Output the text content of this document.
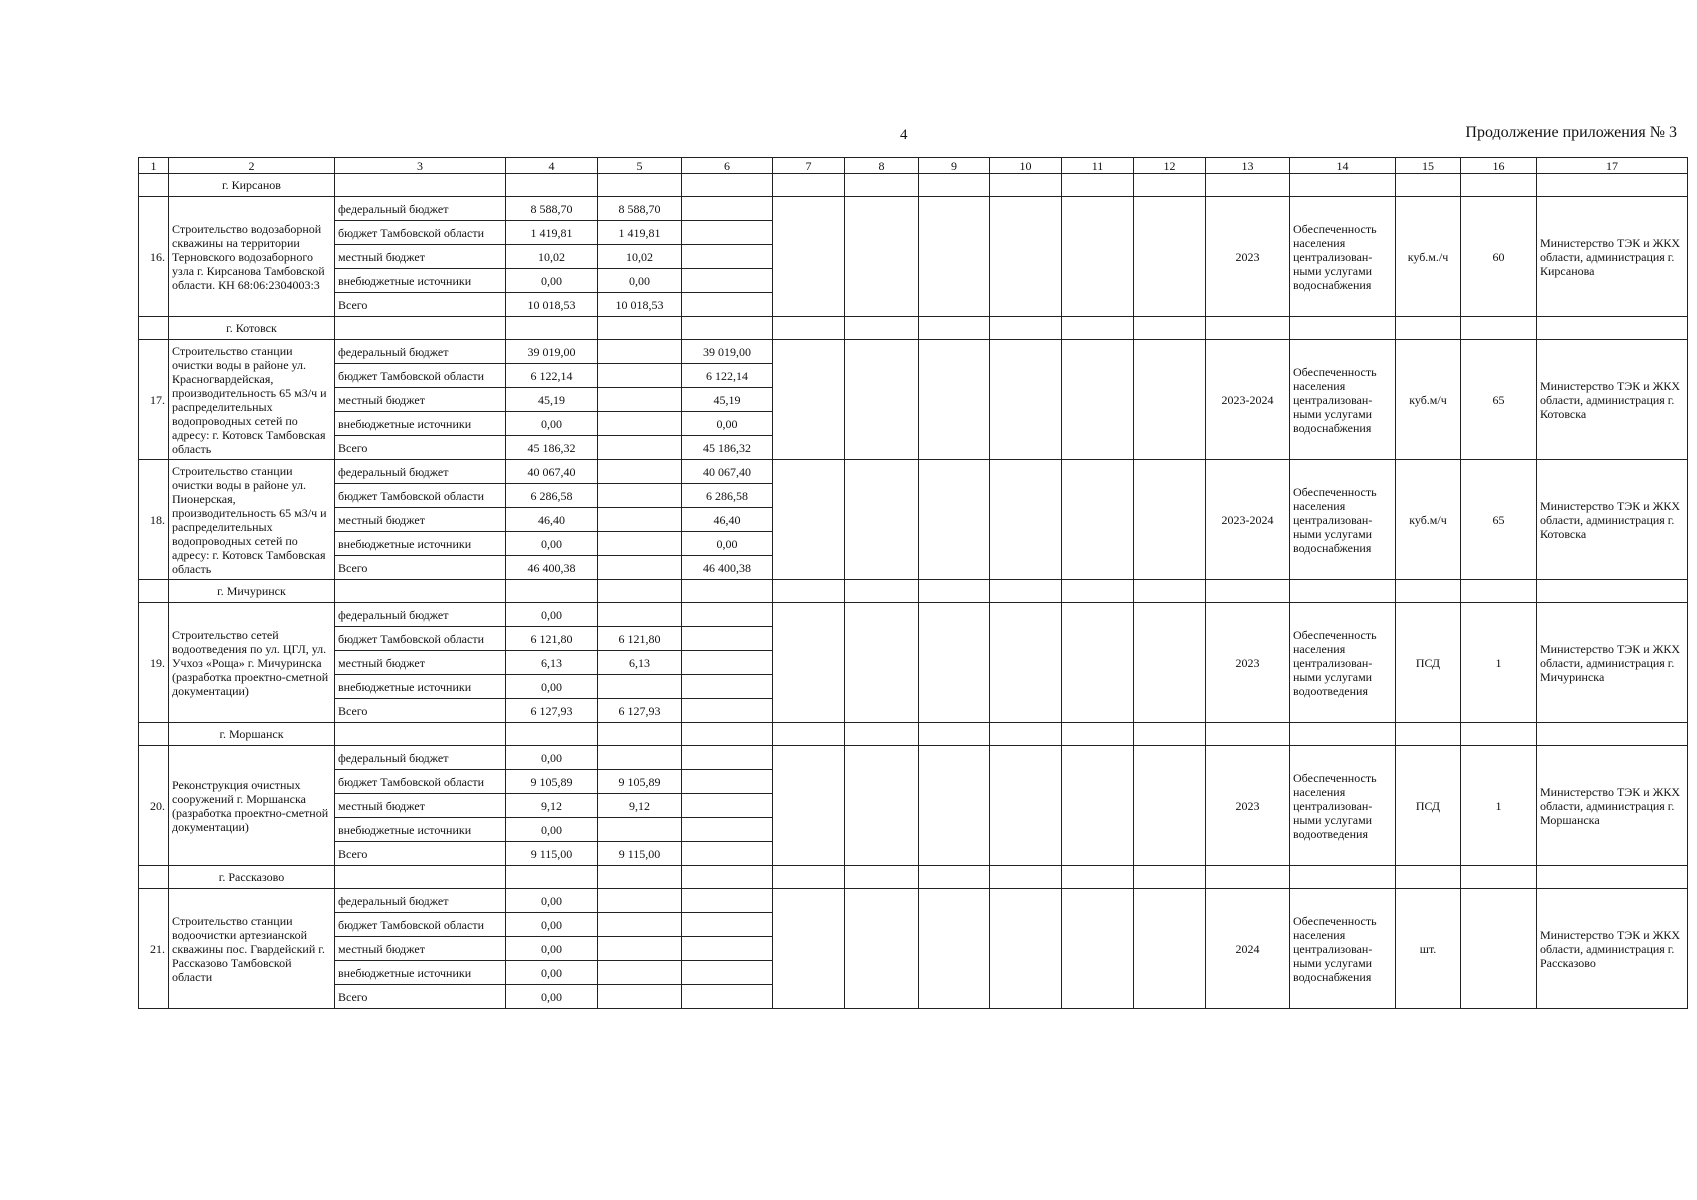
4	Продолжение приложения № 3
1	2	3	4	5	6	7	8	9	10	11	12	13	14	15	16	17
	г. Кирсанов															
16.	Строительство водозаборной скважины на территории Терновского водозаборного узла г. Кирсанова Тамбовской области. КН 68:06:2304003:3	федеральный бюджет	8 588,70	8 588,70								2023	Обеспеченность населения централизован-ными услугами водоснабжения	куб.м./ч	60	Министерство ТЭК и ЖКХ области, администрация г. Кирсанова
		бюджет Тамбовской области	1 419,81	1 419,81												
		местный бюджет	10,02	10,02												
		внебюджетные источники	0,00	0,00												
		Всего	10 018,53	10 018,53												
	г. Котовск															
17.	Строительство станции очистки воды в районе ул. Красногвардейская, производительность 65 м3/ч и распределительных водопроводных сетей по адресу: г. Котовск Тамбовская область	федеральный бюджет	39 019,00		39 019,00							2023-2024	Обеспеченность населения централизован-ными услугами водоснабжения	куб.м/ч	65	Министерство ТЭК и ЖКХ области, администрация г. Котовска
		бюджет Тамбовской области	6 122,14		6 122,14											
		местный бюджет	45,19		45,19											
		внебюджетные источники	0,00		0,00											
		Всего	45 186,32		45 186,32											
18.	Строительство станции очистки воды в районе ул. Пионерская, производительность 65 м3/ч и распределительных водопроводных сетей по адресу: г. Котовск Тамбовская область	федеральный бюджет	40 067,40		40 067,40							2023-2024	Обеспеченность населения централизован-ными услугами водоснабжения	куб.м/ч	65	Министерство ТЭК и ЖКХ области, администрация г. Котовска
		бюджет Тамбовской области	6 286,58		6 286,58											
		местный бюджет	46,40		46,40											
		внебюджетные источники	0,00		0,00											
		Всего	46 400,38		46 400,38											
	г. Мичуринск															
19.	Строительство сетей водоотведения по ул. ЦГЛ, ул. Учхоз «Роща» г. Мичуринска (разработка проектно-сметной документации)	федеральный бюджет	0,00									2023	Обеспеченность населения централизован-ными услугами водоотведения	ПСД	1	Министерство ТЭК и ЖКХ области, администрация г. Мичуринска
		бюджет Тамбовской области	6 121,80	6 121,80												
		местный бюджет	6,13	6,13												
		внебюджетные источники	0,00													
		Всего	6 127,93	6 127,93												
	г. Моршанск															
20.	Реконструкция очистных сооружений г. Моршанска (разработка проектно-сметной документации)	федеральный бюджет	0,00									2023	Обеспеченность населения централизован-ными услугами водоотведения	ПСД	1	Министерство ТЭК и ЖКХ области, администрация г. Моршанска
		бюджет Тамбовской области	9 105,89	9 105,89												
		местный бюджет	9,12	9,12												
		внебюджетные источники	0,00													
		Всего	9 115,00	9 115,00												
	г. Рассказово															
21.	Строительство станции водоочистки артезианской скважины пос. Гвардейский г. Рассказово Тамбовской области	федеральный бюджет	0,00									2024	Обеспеченность населения централизован-ными услугами водоснабжения	шт.		Министерство ТЭК и ЖКХ области, администрация г. Рассказово
		бюджет Тамбовской области	0,00													
		местный бюджет	0,00													
		внебюджетные источники	0,00													
		Всего	0,00													
